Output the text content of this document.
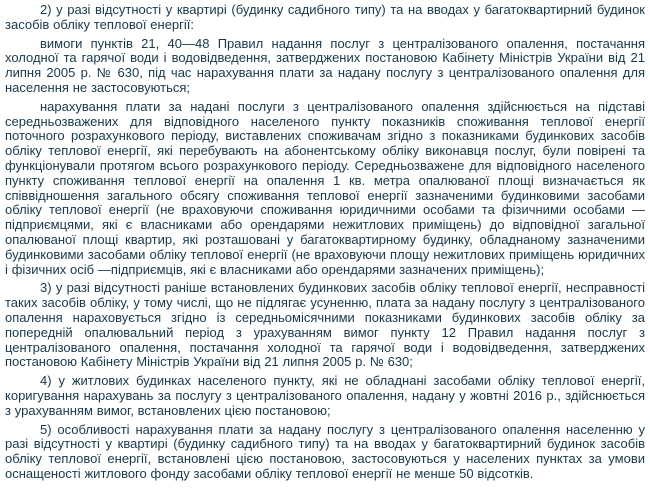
2) у разі відсутності у квартирі (будинку садибного типу) та на вводах у багатоквартирний будинок засобів обліку теплової енергії:

вимоги пунктів 21, 40—48 Правил надання послуг з централізованого опалення, постачання холодної та гарячої води і водовідведення, затверджених постановою Кабінету Міністрів України від 21 липня 2005 р. № 630, під час нарахування плати за надану послугу з централізованого опалення для населення не застосовуються;

нарахування плати за надані послуги з централізованого опалення здійснюється на підставі середньозважених для відповідного населеного пункту показників споживання теплової енергії поточного розрахункового періоду, виставлених споживачам згідно з показниками будинкових засобів обліку теплової енергії, які перебувають на абонентському обліку виконавця послуг, були повірені та функціонували протягом всього розрахункового періоду. Середньозважене для відповідного населеного пункту споживання теплової енергії на опалення 1 кв. метра опалюваної площі визначається як співвідношення загального обсягу споживання теплової енергії зазначеними будинковими засобами обліку теплової енергії (не враховуючи споживання юридичними особами та фізичними особами — підприємцями, які є власниками або орендарями нежитлових приміщень) до відповідної загальної опалюваної площі квартир, які розташовані у багатоквартирному будинку, обладнаному зазначеними будинковими засобами обліку теплової енергії (не враховуючи площу нежитлових приміщень юридичних і фізичних осіб —підприємців, які є власниками або орендарями зазначених приміщень);

3) у разі відсутності раніше встановлених будинкових засобів обліку теплової енергії, несправності таких засобів обліку, у тому числі, що не підлягає усуненню, плата за надану послугу з централізованого опалення нараховується згідно із середньомісячними показниками будинкових засобів обліку за попередній опалювальний період з урахуванням вимог пункту 12 Правил надання послуг з централізованого опалення, постачання холодної та гарячої води і водовідведення, затверджених постановою Кабінету Міністрів України від 21 липня 2005 р. № 630;

4) у житлових будинках населеного пункту, які не обладнані засобами обліку теплової енергії, коригування нарахувань за послугу з централізованого опалення, надану у жовтні 2016 р., здійснюється з урахуванням вимог, встановлених цією постановою;

5) особливості нарахування плати за надану послугу з централізованого опалення населенню у разі відсутності у квартирі (будинку садибного типу) та на вводах у багатоквартирний будинок засобів обліку теплової енергії, встановлені цією постановою, застосовуються у населених пунктах за умови оснащеності житлового фонду засобами обліку теплової енергії не менше 50 відсотків.
